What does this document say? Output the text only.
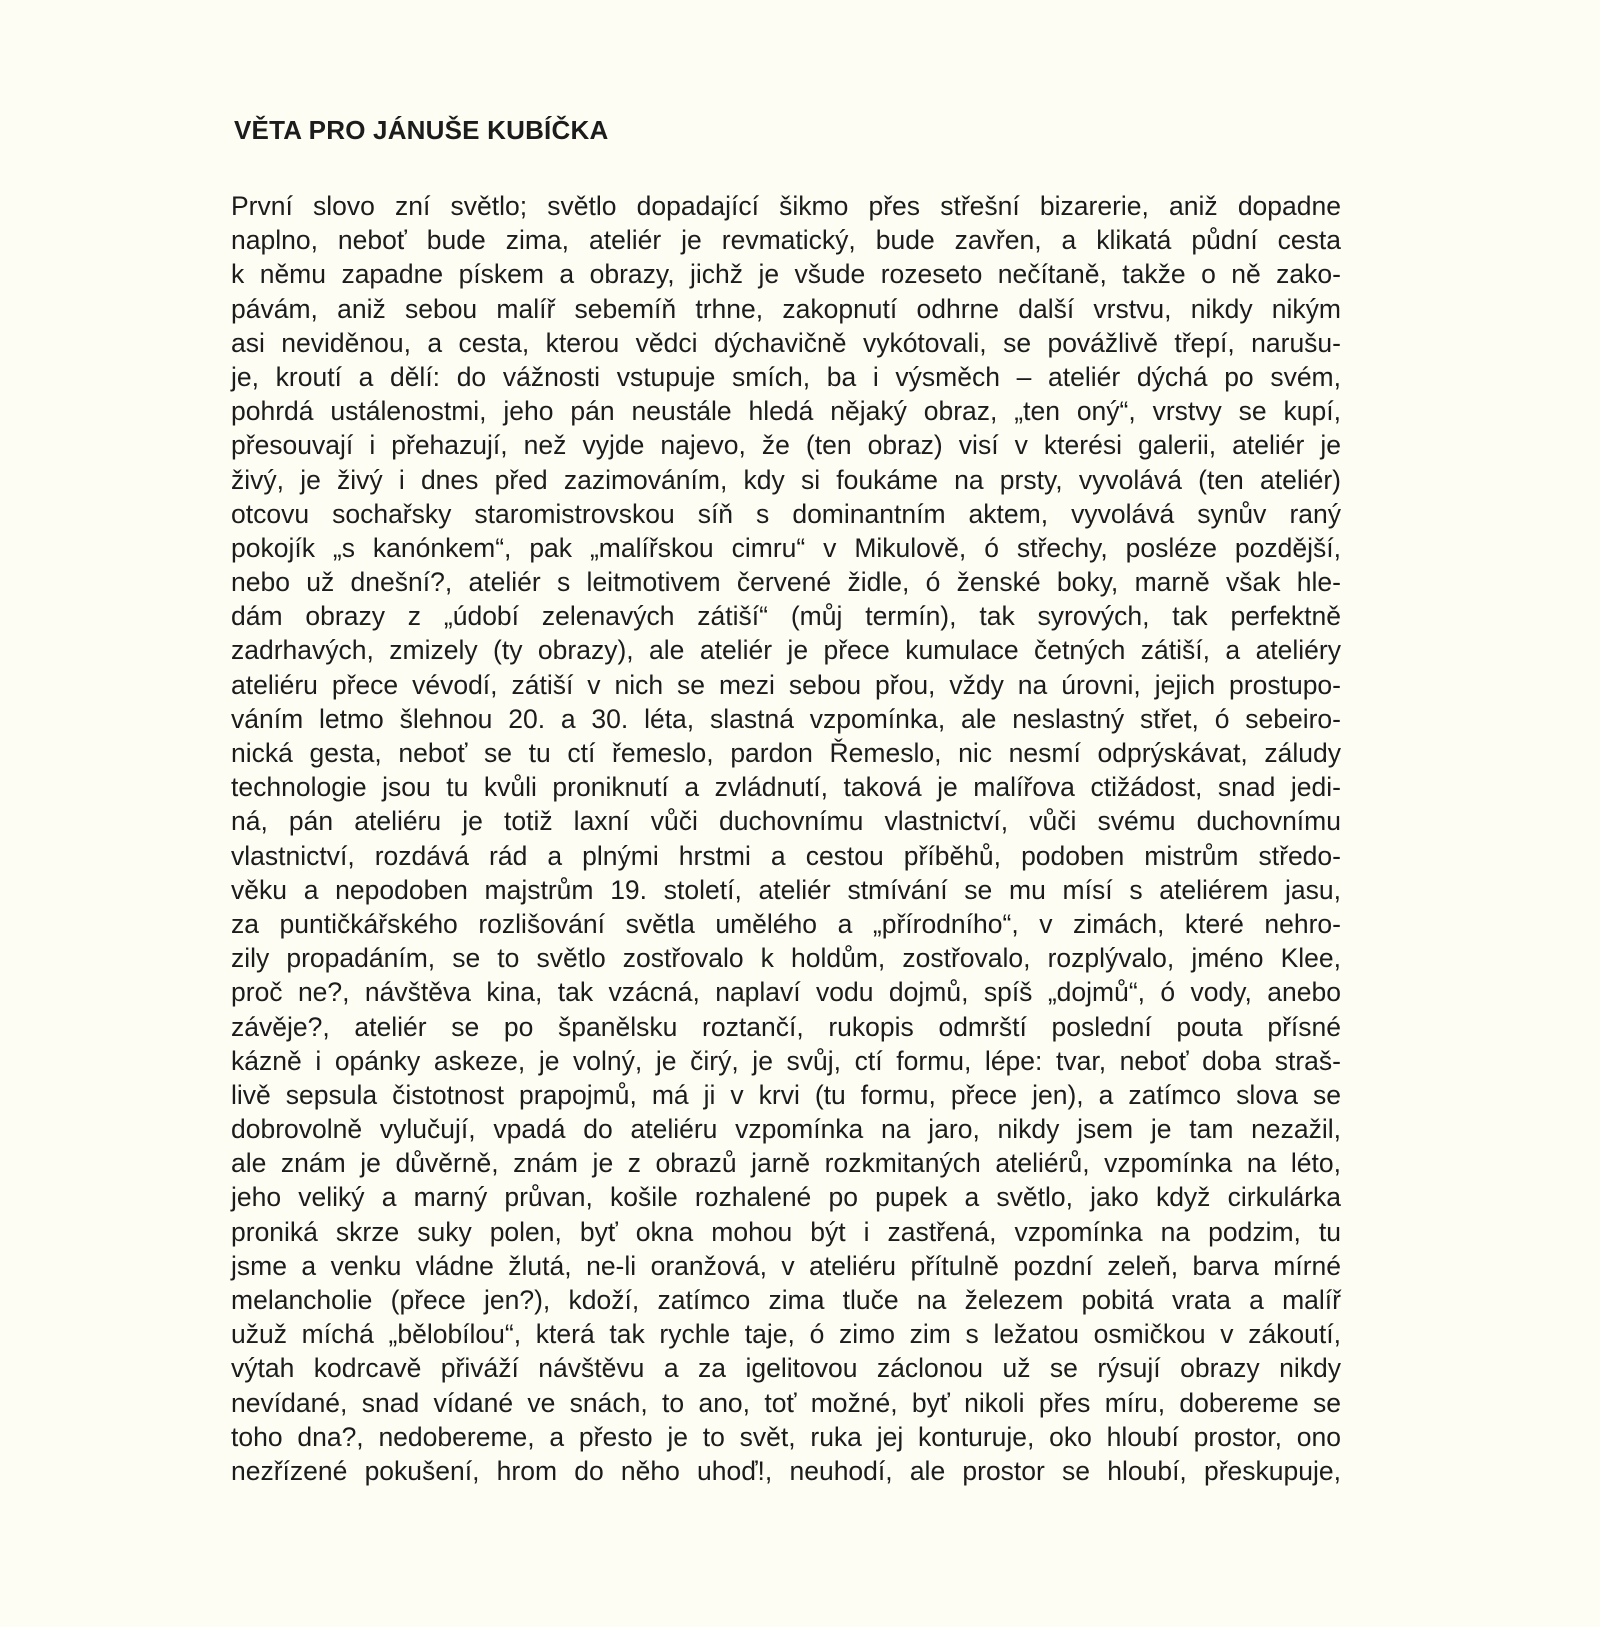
VĚTA PRO JÁNUŠE KUBÍČKA
První slovo zní světlo; světlo dopadající šikmo přes střešní bizarerie, aniž dopadne
naplno, neboť bude zima, ateliér je revmatický, bude zavřen, a klikatá půdní cesta
k němu zapadne pískem a obrazy, jichž je všude rozeseto nečítaně, takže o ně zako-
pávám, aniž sebou malíř sebemíň trhne, zakopnutí odhrne další vrstvu, nikdy nikým
asi neviděnou, a cesta, kterou vědci dýchavičně vykótovali, se povážlivě třepí, narušu-
je, kroutí a dělí: do vážnosti vstupuje smích, ba i výsměch – ateliér dýchá po svém,
pohrdá ustálenostmi, jeho pán neustále hledá nějaký obraz, „ten oný“, vrstvy se kupí,
přesouvají i přehazují, než vyjde najevo, že (ten obraz) visí v kterési galerii, ateliér je
živý, je živý i dnes před zazimováním, kdy si foukáme na prsty, vyvolává (ten ateliér)
otcovu sochařsky staromistrovskou síň s dominantním aktem, vyvolává synův raný
pokojík „s kanónkem“, pak „malířskou cimru“ v Mikulově, ó střechy, posléze pozdější,
nebo už dnešní?, ateliér s leitmotivem červené židle, ó ženské boky, marně však hle-
dám obrazy z „údobí zelenavých zátiší“ (můj termín), tak syrových, tak perfektně
zadrhavých, zmizely (ty obrazy), ale ateliér je přece kumulace četných zátiší, a ateliéry
ateliéru přece vévodí, zátiší v nich se mezi sebou přou, vždy na úrovni, jejich prostupo-
váním letmo šlehnou 20. a 30. léta, slastná vzpomínka, ale neslastný střet, ó sebeiro-
nická gesta, neboť se tu ctí řemeslo, pardon Řemeslo, nic nesmí odprýskávat, záludy
technologie jsou tu kvůli proniknutí a zvládnutí, taková je malířova ctižádost, snad jedi-
ná, pán ateliéru je totiž laxní vůči duchovnímu vlastnictví, vůči svému duchovnímu
vlastnictví, rozdává rád a plnými hrstmi a cestou příběhů, podoben mistrům středo-
věku a nepodoben majstrům 19. století, ateliér stmívání se mu mísí s ateliérem jasu,
za puntičkářského rozlišování světla umělého a „přírodního“, v zimách, které nehro-
zily propadáním, se to světlo zostřovalo k holdům, zostřovalo, rozplývalo, jméno Klee,
proč ne?, návštěva kina, tak vzácná, naplaví vodu dojmů, spíš „dojmů“, ó vody, anebo
závěje?, ateliér se po španělsku roztančí, rukopis odmrští poslední pouta přísné
kázně i opánky askeze, je volný, je čirý, je svůj, ctí formu, lépe: tvar, neboť doba straš-
livě sepsula čistotnost prapojmů, má ji v krvi (tu formu, přece jen), a zatímco slova se
dobrovolně vylučují, vpadá do ateliéru vzpomínka na jaro, nikdy jsem je tam nezažil,
ale znám je důvěrně, znám je z obrazů jarně rozkmitaných ateliérů, vzpomínka na léto,
jeho veliký a marný průvan, košile rozhalené po pupek a světlo, jako když cirkulárka
proniká skrze suky polen, byť okna mohou být i zastřená, vzpomínka na podzim, tu
jsme a venku vládne žlutá, ne-li oranžová, v ateliéru přítulně pozdní zeleň, barva mírné
melancholie (přece jen?), kdoží, zatímco zima tluče na železem pobitá vrata a malíř
užuž míchá „bělobílou“, která tak rychle taje, ó zimo zim s ležatou osmičkou v zákoutí,
výtah kodrcavě přiváží návštěvu a za igelitovou záclonou už se rýsují obrazy nikdy
nevídané, snad vídané ve snách, to ano, toť možné, byť nikoli přes míru, dobereme se
toho dna?, nedobereme, a přesto je to svět, ruka jej konturuje, oko hloubí prostor, ono
nezřízené pokušení, hrom do něho uhoď!, neuhodí, ale prostor se hloubí, přeskupuje,
